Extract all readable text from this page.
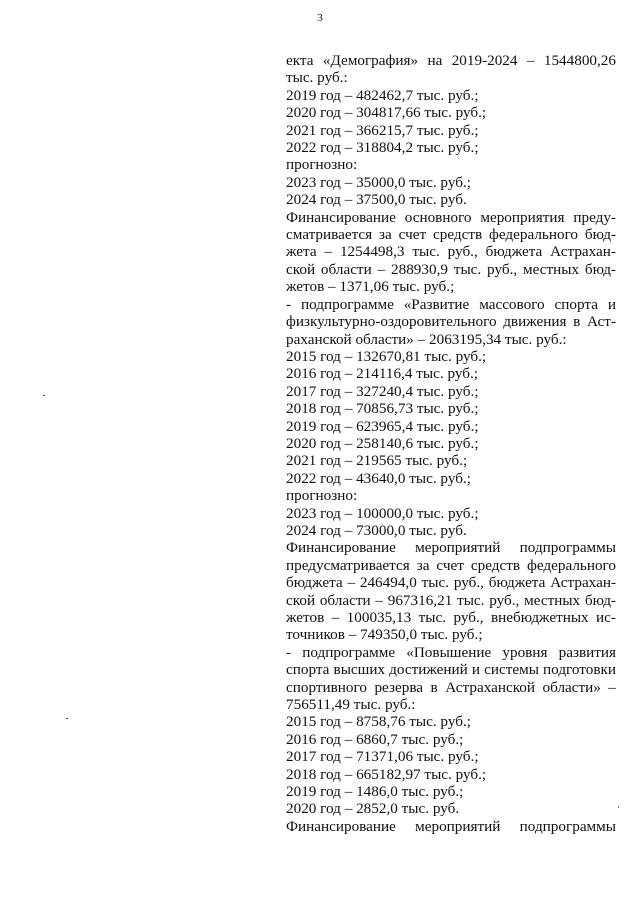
3

екта «Демография» на 2019-2024 – 1544800,26

тыс. руб.:

2019 год – 482462,7 тыс. руб.;

2020 год – 304817,66 тыс. руб.;

2021 год – 366215,7 тыс. руб.;

2022 год – 318804,2 тыс. руб.;

прогнозно:

2023 год – 35000,0 тыс. руб.;

2024 год – 37500,0 тыс. руб.

Финансирование основного мероприятия преду-

сматривается за счет средств федерального бюд-

жета – 1254498,3 тыс. руб., бюджета Астрахан-

ской области – 288930,9 тыс. руб., местных бюд-

жетов – 1371,06 тыс. руб.;

- подпрограмме «Развитие массового спорта и

физкультурно-оздоровительного движения в Аст-

раханской области» – 2063195,34 тыс. руб.:

2015 год – 132670,81 тыс. руб.;

2016 год – 214116,4 тыс. руб.;

2017 год – 327240,4 тыс. руб.;

2018 год – 70856,73 тыс. руб.;

2019 год – 623965,4 тыс. руб.;

2020 год – 258140,6 тыс. руб.;

2021 год – 219565 тыс. руб.;

2022 год – 43640,0 тыс. руб.;

прогнозно:

2023 год – 100000,0 тыс. руб.;

2024 год – 73000,0 тыс. руб.

Финансирование мероприятий подпрограммы

предусматривается за счет средств федерального

бюджета – 246494,0 тыс. руб., бюджета Астрахан-

ской области – 967316,21 тыс. руб., местных бюд-

жетов – 100035,13 тыс. руб., внебюджетных ис-

точников – 749350,0 тыс. руб.;

- подпрограмме «Повышение уровня развития

спорта высших достижений и системы подготовки

спортивного резерва в Астраханской области» –

756511,49 тыс. руб.:

2015 год – 8758,76 тыс. руб.;

2016 год – 6860,7 тыс. руб.;

2017 год – 71371,06 тыс. руб.;

2018 год – 665182,97 тыс. руб.;

2019 год – 1486,0 тыс. руб.;

2020 год – 2852,0 тыс. руб.

Финансирование мероприятий подпрограммы
